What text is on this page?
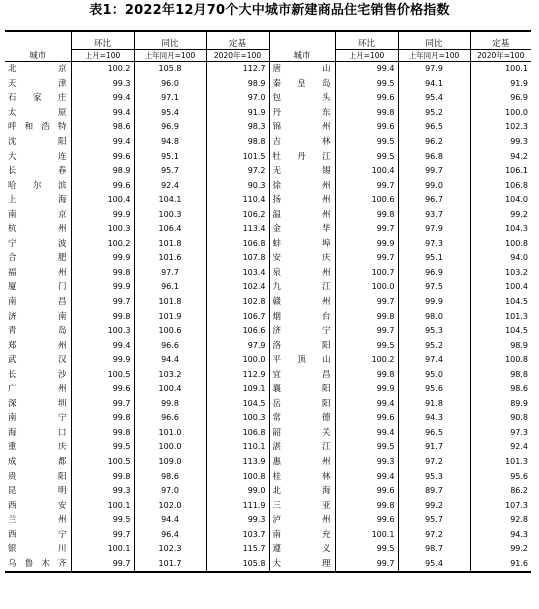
表1：2022年12月70个大中城市新建商品住宅销售价格指数
城市	环比	同比	定基	城市	环比	同比	定基
	上月=100	上年同月=100	2020年=100		上月=100	上年同月=100	2020年=100
北京	100.2	105.8	112.7	唐山	99.4	97.9	100.1
天津	99.3	96.0	98.9	秦皇岛	99.5	94.1	91.9
石家庄	99.4	97.1	97.0	包头	99.6	95.4	96.9
太原	99.4	95.4	91.9	丹东	99.8	95.2	100.0
呼和浩特	98.6	96.9	98.3	锦州	99.6	96.5	102.3
沈阳	99.4	94.8	98.8	吉林	99.5	96.2	99.3
大连	99.6	95.1	101.5	牡丹江	99.5	96.8	94.2
长春	98.9	95.7	97.2	无锡	100.4	99.7	106.1
哈尔滨	99.6	92.4	90.3	徐州	99.7	99.0	106.8
上海	100.4	104.1	110.4	扬州	100.6	96.7	104.0
南京	99.9	100.3	106.2	温州	99.8	93.7	99.2
杭州	100.3	106.4	113.4	金华	99.7	97.9	104.3
宁波	100.2	101.8	106.8	蚌埠	99.9	97.3	100.8
合肥	99.9	101.6	107.8	安庆	99.7	95.1	94.0
福州	99.8	97.7	103.4	泉州	100.7	96.9	103.2
厦门	99.9	96.1	102.4	九江	100.0	97.5	100.4
南昌	99.7	101.8	102.8	赣州	99.7	99.9	104.5
济南	99.8	101.9	106.7	烟台	99.8	98.0	101.3
青岛	100.3	100.6	106.6	济宁	99.7	95.3	104.5
郑州	99.4	96.6	97.9	洛阳	99.5	95.2	98.9
武汉	99.9	94.4	100.0	平顶山	100.2	97.4	100.8
长沙	100.5	103.2	112.9	宜昌	99.8	95.0	98.8
广州	99.6	100.4	109.1	襄阳	99.9	95.6	98.6
深圳	99.7	99.8	104.5	岳阳	99.4	91.8	89.9
南宁	99.8	96.6	100.3	常德	99.6	94.3	90.8
海口	99.8	101.0	106.8	韶关	99.4	96.5	97.3
重庆	99.5	100.0	110.1	湛江	99.5	91.7	92.4
成都	100.5	109.0	113.9	惠州	99.3	97.2	101.3
贵阳	99.8	98.6	100.8	桂林	99.4	95.3	95.6
昆明	99.3	97.0	99.0	北海	99.6	89.7	86.2
西安	100.1	102.0	111.9	三亚	99.8	99.2	107.3
兰州	99.5	94.4	99.3	泸州	99.6	95.7	92.8
西宁	99.7	96.4	103.7	南充	100.1	97.2	94.3
银川	100.1	102.3	115.7	遵义	99.5	98.7	99.2
乌鲁木齐	99.7	101.7	105.8	大理	99.7	95.4	91.6
